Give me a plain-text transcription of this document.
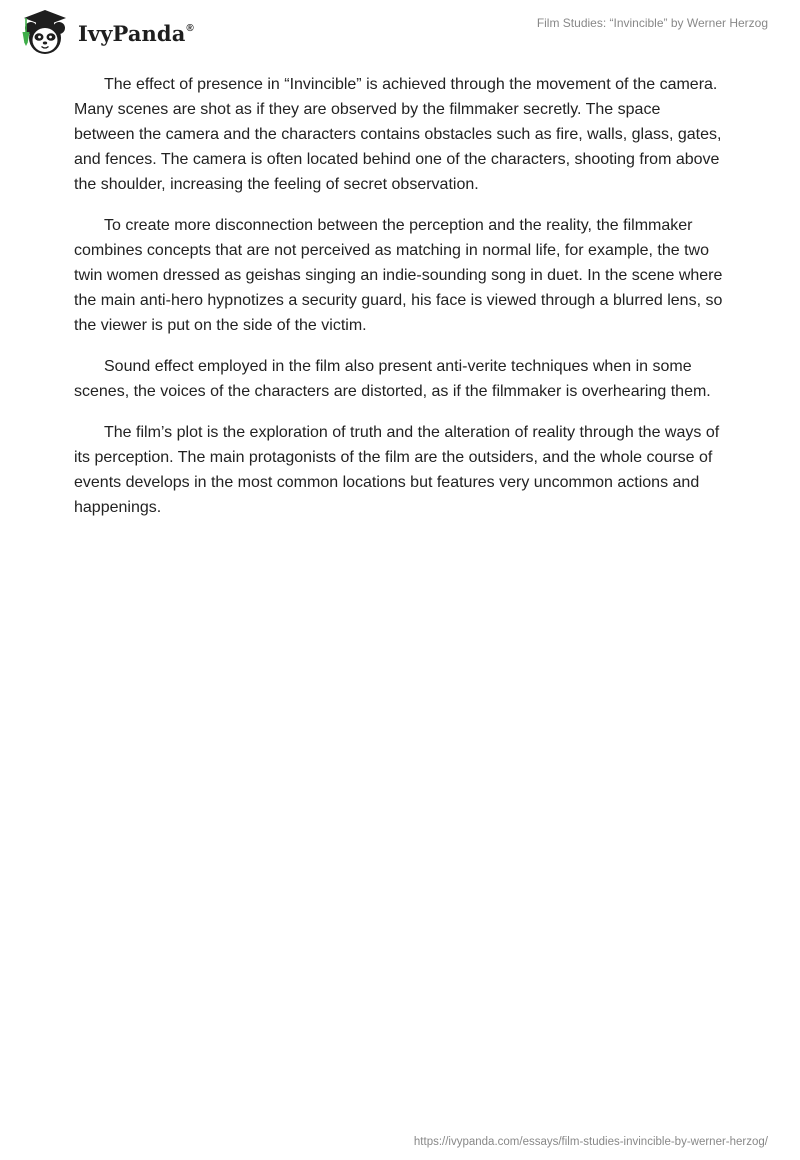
IvyPanda®	Film Studies: “Invincible” by Werner Herzog

The effect of presence in “Invincible” is achieved through the movement of the camera. Many scenes are shot as if they are observed by the filmmaker secretly. The space between the camera and the characters contains obstacles such as fire, walls, glass, gates, and fences. The camera is often located behind one of the characters, shooting from above the shoulder, increasing the feeling of secret observation.

To create more disconnection between the perception and the reality, the filmmaker combines concepts that are not perceived as matching in normal life, for example, the two twin women dressed as geishas singing an indie-sounding song in duet. In the scene where the main anti-hero hypnotizes a security guard, his face is viewed through a blurred lens, so the viewer is put on the side of the victim.

Sound effect employed in the film also present anti-verite techniques when in some scenes, the voices of the characters are distorted, as if the filmmaker is overhearing them.

The film’s plot is the exploration of truth and the alteration of reality through the ways of its perception. The main protagonists of the film are the outsiders, and the whole course of events develops in the most common locations but features very uncommon actions and happenings.

https://ivypanda.com/essays/film-studies-invincible-by-werner-herzog/
